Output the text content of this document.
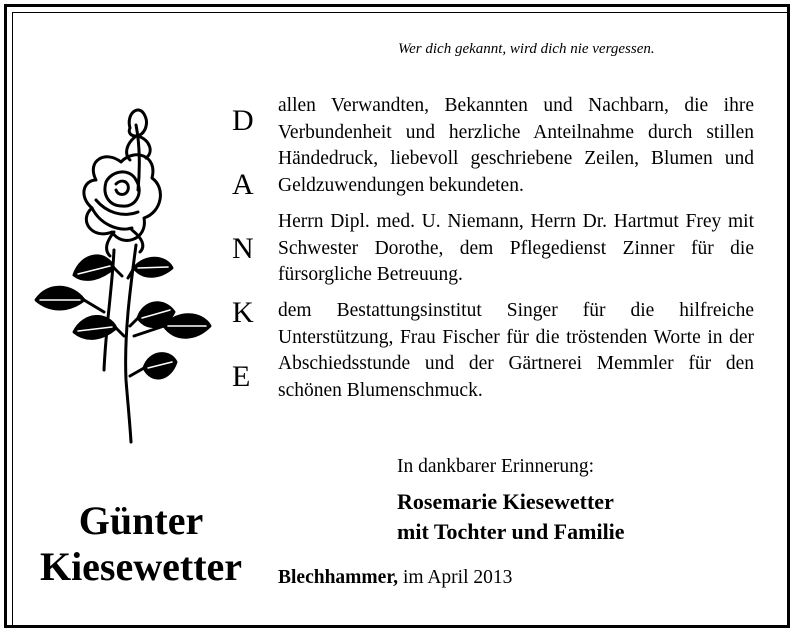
Wer dich gekannt, wird dich nie vergessen.
D
A
N
K
E
allen Verwandten, Bekannten und Nachbarn, die ihre Verbundenheit und herzliche Anteilnahme durch stillen Händedruck, liebevoll geschriebene Zeilen, Blumen und Geldzuwendungen bekundeten.
Herrn Dipl. med. U. Niemann, Herrn Dr. Hartmut Frey mit Schwester Dorothe, dem Pflegedienst Zinner für die fürsorgliche Betreuung.
dem Bestattungsinstitut Singer für die hilfreiche Unterstützung, Frau Fischer für die tröstenden Worte in der Abschiedsstunde und der Gärtnerei Memmler für den schönen Blumenschmuck.
In dankbarer Erinnerung:
Rosemarie Kiesewetter
mit Tochter und Familie
Günter
Kiesewetter	Blechhammer, im April 2013
